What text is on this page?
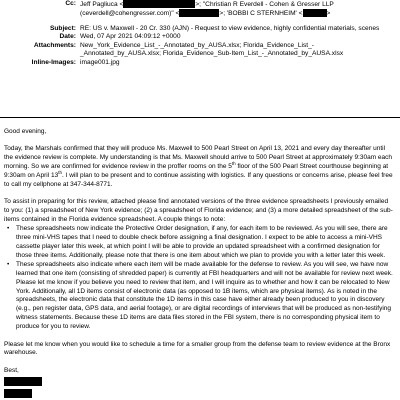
Cc: Jeff Pagliuca <	>; "Christian R Everdell - Cohen & Gresser LLP (ceverdell@cohengresser.com)" <	>; 'BOBBI C STERNHEIM' <	>
Subject: RE: US v. Maxwell - 20 Cr. 330 (AJN) - Request to view evidence, highly confidential materials, scenes
Date: Wed, 07 Apr 2021 04:09:12 +0000
Attachments: New_York_Evidence_List_-_Annotated_by_AUSA.xlsx; Florida_Evidence_List_-_Annotated_by_AUSA.xlsx; Florida_Evidence_Sub-Item_List_-_Annotated_by_AUSA.xlsx
Inline-Images: image001.jpg

Good evening,

Today, the Marshals confirmed that they will produce Ms. Maxwell to 500 Pearl Street on April 13, 2021 and every day thereafter until the evidence review is complete. My understanding is that Ms. Maxwell should arrive to 500 Pearl Street at approximately 9:30am each morning. So we are confirmed for evidence review in the proffer rooms on the 5th floor of the 500 Pearl Street courthouse beginning at 9:30am on April 13th. I will plan to be present and to continue assisting with logistics. If any questions or concerns arise, please feel free to call my cellphone at 347-344-8771.

To assist in preparing for this review, attached please find annotated versions of the three evidence spreadsheets I previously emailed to you: (1) a spreadsheet of New York evidence; (2) a spreadsheet of Florida evidence; and (3) a more detailed spreadsheet of the sub-items contained in the Florida evidence spreadsheet. A couple things to note:

• These spreadsheets now indicate the Protective Order designation, if any, for each item to be reviewed. As you will see, there are three mini-VHS tapes that I need to double check before assigning a final designation. I expect to be able to access a mini-VHS cassette player later this week, at which point I will be able to provide an updated spreadsheet with a confirmed designation for those three items. Additionally, please note that there is one item about which we plan to provide you with a letter later this week.

• These spreadsheets also indicate where each item will be made available for the defense to review. As you will see, we have now learned that one item (consisting of shredded paper) is currently at FBI headquarters and will not be available for review next week. Please let me know if you believe you need to review that item, and I will inquire as to whether and how it can be relocated to New York. Additionally, all 1D items consist of electronic data (as opposed to 1B items, which are physical items). As is noted in the spreadsheets, the electronic data that constitute the 1D items in this case have either already been produced to you in discovery (e.g., pen register data, GPS data, and aerial footage), or are digital recordings of interviews that will be produced as non-testifying witness statements. Because these 1D items are data files stored in the FBI system, there is no corresponding physical item to produce for you to review.

Please let me know when you would like to schedule a time for a smaller group from the defense team to review evidence at the Bronx warehouse.

Best,
